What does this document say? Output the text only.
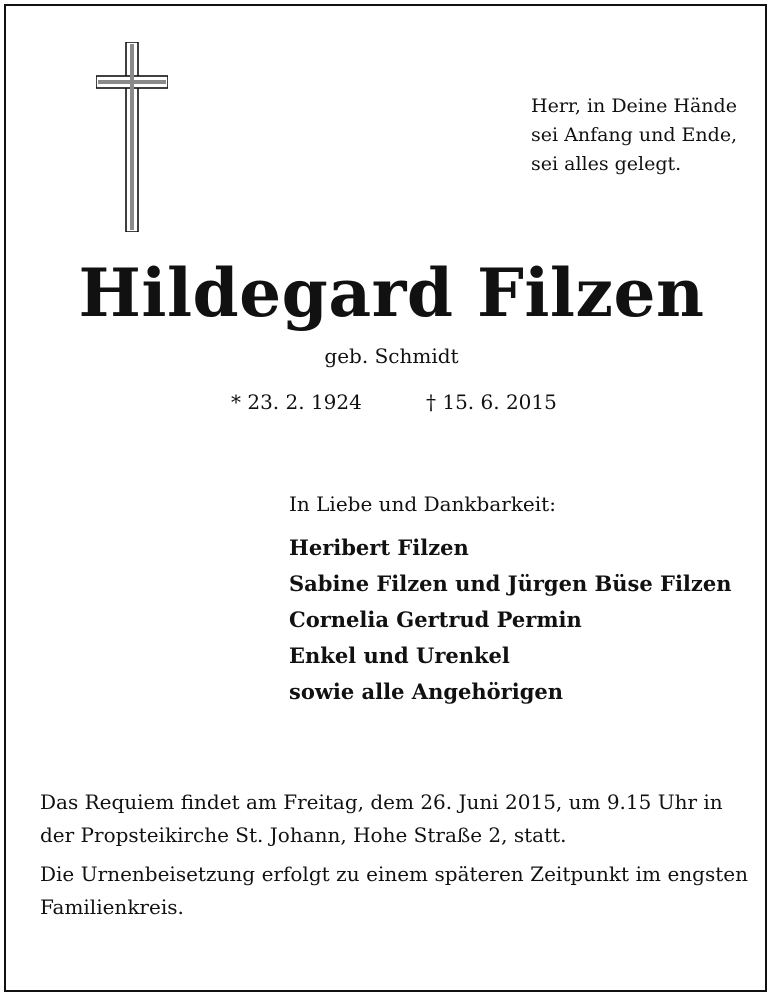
Herr, in Deine Hände
sei Anfang und Ende,
sei alles gelegt.
Hildegard Filzen
geb. Schmidt
* 23. 2. 1924	† 15. 6. 2015
In Liebe und Dankbarkeit:
Heribert Filzen
Sabine Filzen und Jürgen Büse Filzen
Cornelia Gertrud Permin
Enkel und Urenkel
sowie alle Angehörigen
Das Requiem findet am Freitag, dem 26. Juni 2015, um 9.15 Uhr in der Propsteikirche St. Johann, Hohe Straße 2, statt.
Die Urnenbeisetzung erfolgt zu einem späteren Zeitpunkt im engsten Familienkreis.
